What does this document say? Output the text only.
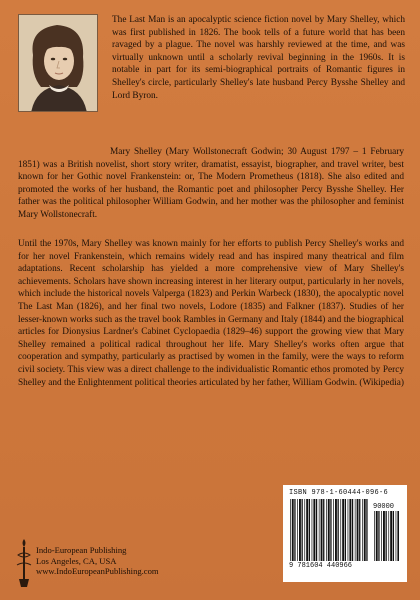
The Last Man is an apocalyptic science fiction novel by Mary Shelley, which was first published in 1826. The book tells of a future world that has been ravaged by a plague. The novel was harshly reviewed at the time, and was virtually unknown until a scholarly revival beginning in the 1960s. It is notable in part for its semi-biographical portraits of Romantic figures in Shelley's circle, particularly Shelley's late husband Percy Bysshe Shelley and Lord Byron.

Mary Shelley (Mary Wollstonecraft Godwin; 30 August 1797 – 1 February 1851) was a British novelist, short story writer, dramatist, essayist, biographer, and travel writer, best known for her Gothic novel Frankenstein: or, The Modern Prometheus (1818). She also edited and promoted the works of her husband, the Romantic poet and philosopher Percy Bysshe Shelley. Her father was the political philosopher William Godwin, and her mother was the philosopher and feminist Mary Wollstonecraft.

Until the 1970s, Mary Shelley was known mainly for her efforts to publish Percy Shelley's works and for her novel Frankenstein, which remains widely read and has inspired many theatrical and film adaptations. Recent scholarship has yielded a more comprehensive view of Mary Shelley's achievements. Scholars have shown increasing interest in her literary output, particularly in her novels, which include the historical novels Valperga (1823) and Perkin Warbeck (1830), the apocalyptic novel The Last Man (1826), and her final two novels, Lodore (1835) and Falkner (1837). Studies of her lesser-known works such as the travel book Rambles in Germany and Italy (1844) and the biographical articles for Dionysius Lardner's Cabinet Cyclopaedia (1829–46) support the growing view that Mary Shelley remained a political radical throughout her life. Mary Shelley's works often argue that cooperation and sympathy, particularly as practised by women in the family, were the ways to reform civil society. This view was a direct challenge to the individualistic Romantic ethos promoted by Percy Shelley and the Enlightenment political theories articulated by her father, William Godwin. (Wikipedia)

ISBN 978-1-60444-096-6
90000
9 781604 440966
Indo-European Publishing
Los Angeles, CA, USA
www.IndoEuropeanPublishing.com
